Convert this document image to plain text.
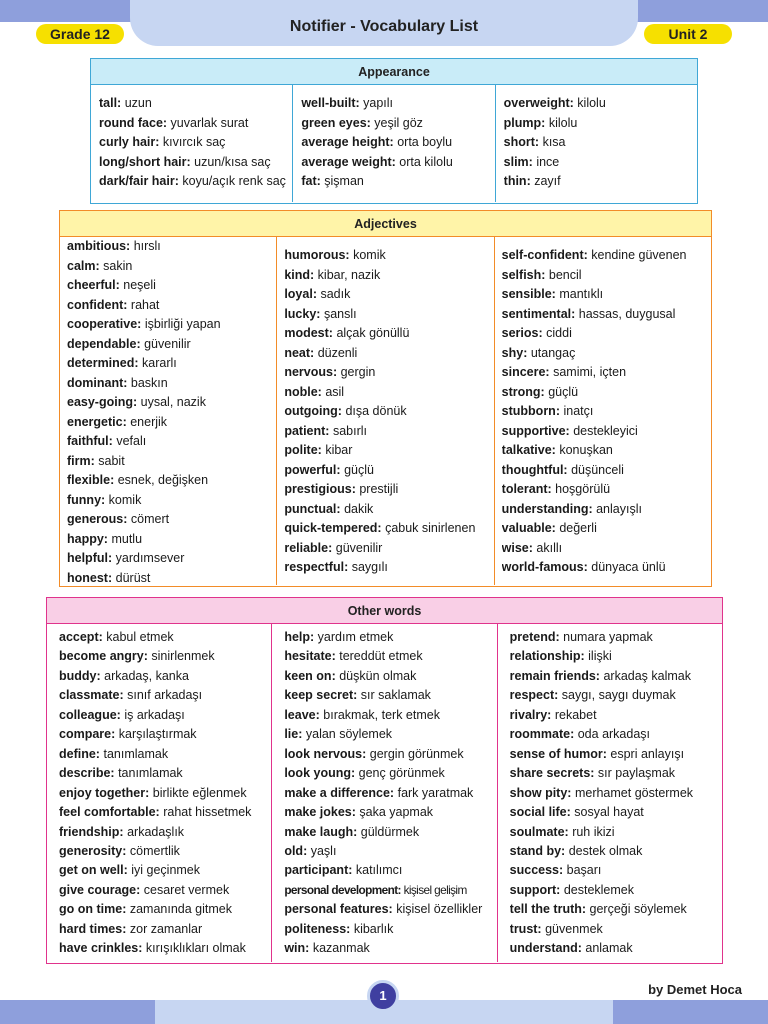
Notifier - Vocabulary List
Grade 12	Unit 2
Appearance
tall: uzun
round face: yuvarlak surat
curly hair: kıvırcık saç
long/short hair: uzun/kısa saç
dark/fair hair: koyu/açık renk saç
well-built: yapılı
green eyes: yeşil göz
average height: orta boylu
average weight: orta kilolu
fat: şişman
overweight: kilolu
plump: kilolu
short: kısa
slim: ince
thin: zayıf
Adjectives
ambitious: hırslı
calm: sakin
cheerful: neşeli
confident: rahat
cooperative: işbirliği yapan
dependable: güvenilir
determined: kararlı
dominant: baskın
easy-going: uysal, nazik
energetic: enerjik
faithful: vefalı
firm: sabit
flexible: esnek, değişken
funny: komik
generous: cömert
happy: mutlu
helpful: yardımsever
honest: dürüst
humorous: komik
kind: kibar, nazik
loyal: sadık
lucky: şanslı
modest: alçak gönüllü
neat: düzenli
nervous: gergin
noble: asil
outgoing: dışa dönük
patient: sabırlı
polite: kibar
powerful: güçlü
prestigious: prestijli
punctual: dakik
quick-tempered: çabuk sinirlenen
reliable: güvenilir
respectful: saygılı
self-confident: kendine güvenen
selfish: bencil
sensible: mantıklı
sentimental: hassas, duygusal
serios: ciddi
shy: utangaç
sincere: samimi, içten
strong: güçlü
stubborn: inatçı
supportive: destekleyici
talkative: konuşkan
thoughtful: düşünceli
tolerant: hoşgörülü
understanding: anlayışlı
valuable: değerli
wise: akıllı
world-famous: dünyaca ünlü
Other words
accept: kabul etmek
become angry: sinirlenmek
buddy: arkadaş, kanka
classmate: sınıf arkadaşı
colleague: iş arkadaşı
compare: karşılaştırmak
define: tanımlamak
describe: tanımlamak
enjoy together: birlikte eğlenmek
feel comfortable: rahat hissetmek
friendship: arkadaşlık
generosity: cömertlik
get on well: iyi geçinmek
give courage: cesaret vermek
go on time: zamanında gitmek
hard times: zor zamanlar
have crinkles: kırışıklıkları olmak
help: yardım etmek
hesitate: tereddüt etmek
keen on: düşkün olmak
keep secret: sır saklamak
leave: bırakmak, terk etmek
lie: yalan söylemek
look nervous: gergin görünmek
look young: genç görünmek
make a difference: fark yaratmak
make jokes: şaka yapmak
make laugh: güldürmek
old: yaşlı
participant: katılımcı
personal development: kişisel gelişim
personal features: kişisel özellikler
politeness: kibarlık
win: kazanmak
pretend: numara yapmak
relationship: ilişki
remain friends: arkadaş kalmak
respect: saygı, saygı duymak
rivalry: rekabet
roommate: oda arkadaşı
sense of humor: espri anlayışı
share secrets: sır paylaşmak
show pity: merhamet göstermek
social life: sosyal hayat
soulmate: ruh ikizi
stand by: destek olmak
success: başarı
support: desteklemek
tell the truth: gerçeği söylemek
trust: güvenmek
understand: anlamak
1	by Demet Hoca
